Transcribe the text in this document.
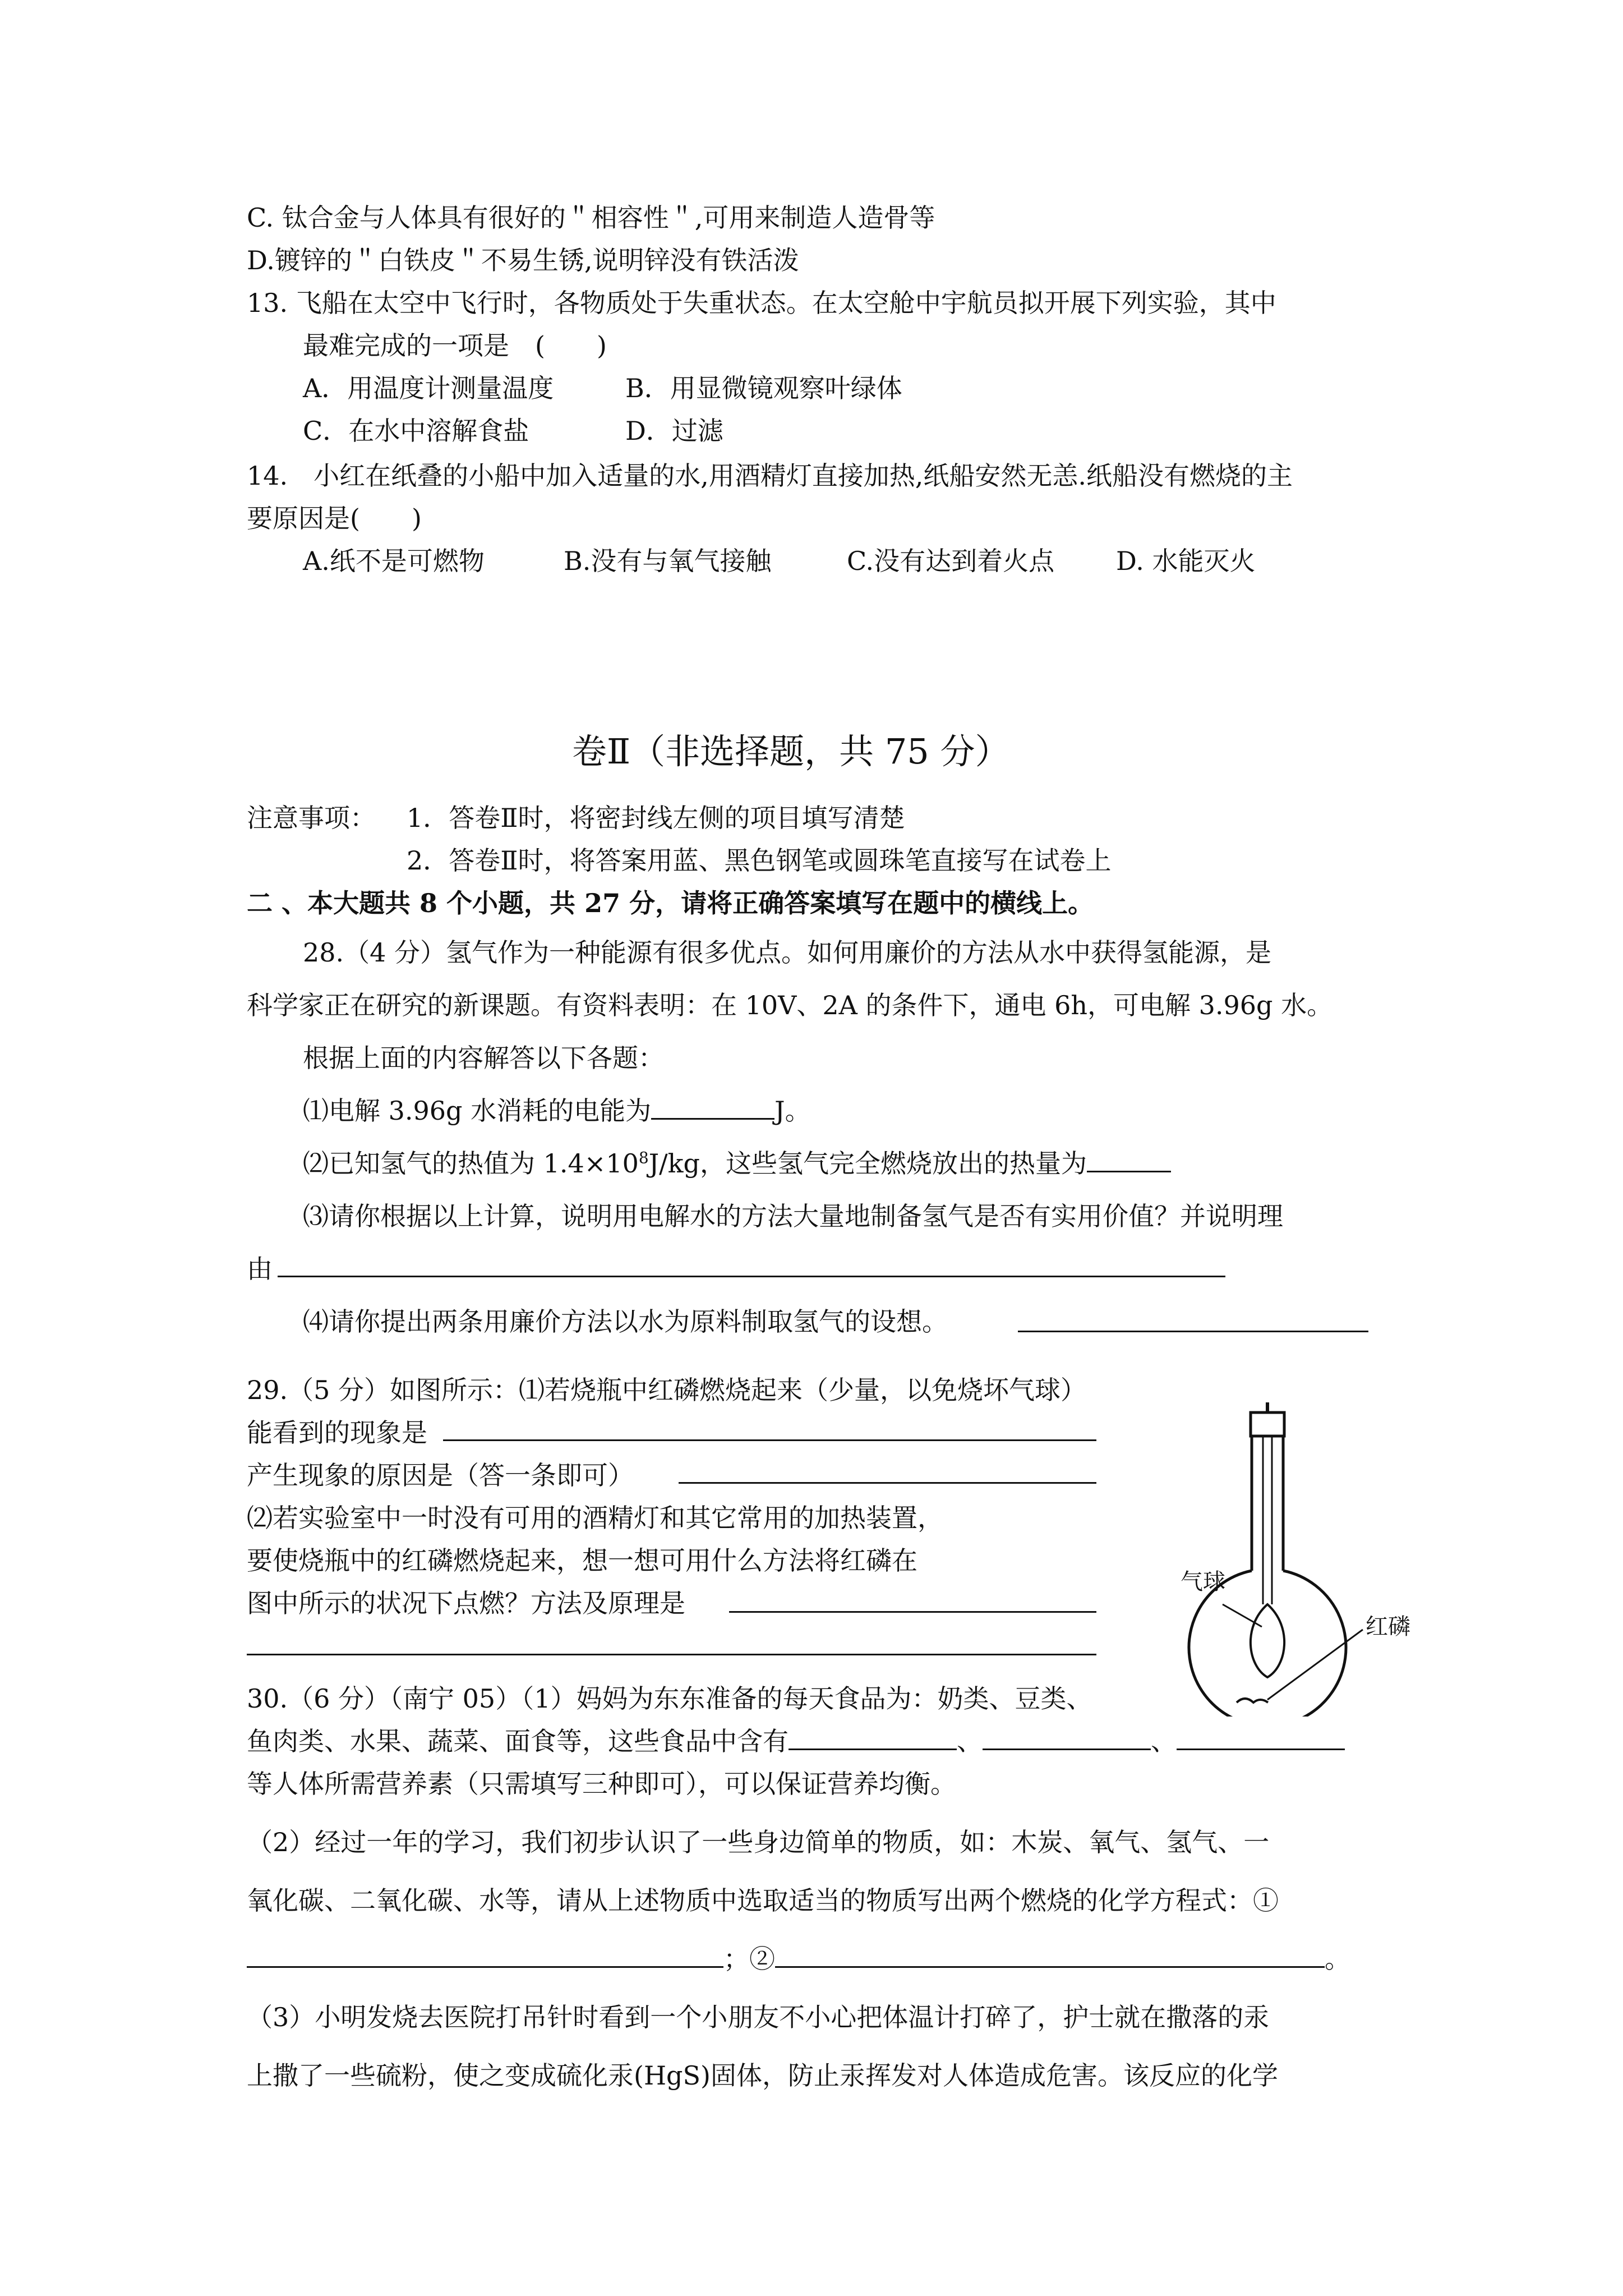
C. 钛合金与人体具有很好的＂相容性＂,可用来制造人造骨等
D.镀锌的＂白铁皮＂不易生锈,说明锌没有铁活泼
13. 飞船在太空中飞行时，各物质处于失重状态。在太空舱中宇航员拟开展下列实验，其中
最难完成的一项是　(　　)
A．用温度计测量温度	B．用显微镜观察叶绿体
C．在水中溶解食盐	D．过滤
14.　小红在纸叠的小船中加入适量的水,用酒精灯直接加热,纸船安然无恙.纸船没有燃烧的主
要原因是(　　)
A.纸不是可燃物	B.没有与氧气接触	C.没有达到着火点 D. 水能灭火
卷Ⅱ（非选择题，共 75 分）
注意事项： 1．答卷Ⅱ时，将密封线左侧的项目填写清楚
2．答卷Ⅱ时，将答案用蓝、黑色钢笔或圆珠笔直接写在试卷上
二 、本大题共 8 个小题，共 27 分，请将正确答案填写在题中的横线上。
28.（4 分）氢气作为一种能源有很多优点。如何用廉价的方法从水中获得氢能源，是
科学家正在研究的新课题。有资料表明：在 10V、2A 的条件下，通电 6h，可电解 3.96g 水。
根据上面的内容解答以下各题：
⑴电解 3.96g 水消耗的电能为	J。
⑵已知氢气的热值为 $1.4\times 10^8J/kg$，这些氢气完全燃烧放出的热量为
⑶请你根据以上计算，说明用电解水的方法大量地制备氢气是否有实用价值？并说明理
由
⑷请你提出两条用廉价方法以水为原料制取氢气的设想。
29.（5 分）如图所示：⑴若烧瓶中红磷燃烧起来（少量，以免烧坏气球）
能看到的现象是
产生现象的原因是（答一条即可）
⑵若实验室中一时没有可用的酒精灯和其它常用的加热装置，
要使烧瓶中的红磷燃烧起来，想一想可用什么方法将红磷在
图中所示的状况下点燃？方法及原理是
气球
红磷
30.（6 分）（南宁 05）（1）妈妈为东东准备的每天食品为：奶类、豆类、
鱼肉类、水果、蔬菜、面食等，这些食品中含有	、	、
等人体所需营养素（只需填写三种即可），可以保证营养均衡。
（2）经过一年的学习，我们初步认识了一些身边简单的物质，如：木炭、氧气、氢气、一
氧化碳、二氧化碳、水等，请从上述物质中选取适当的物质写出两个燃烧的化学方程式：①
；②	。
（3）小明发烧去医院打吊针时看到一个小朋友不小心把体温计打碎了，护士就在撒落的汞
上撒了一些硫粉，使之变成硫化汞(HgS)固体，防止汞挥发对人体造成危害。该反应的化学
